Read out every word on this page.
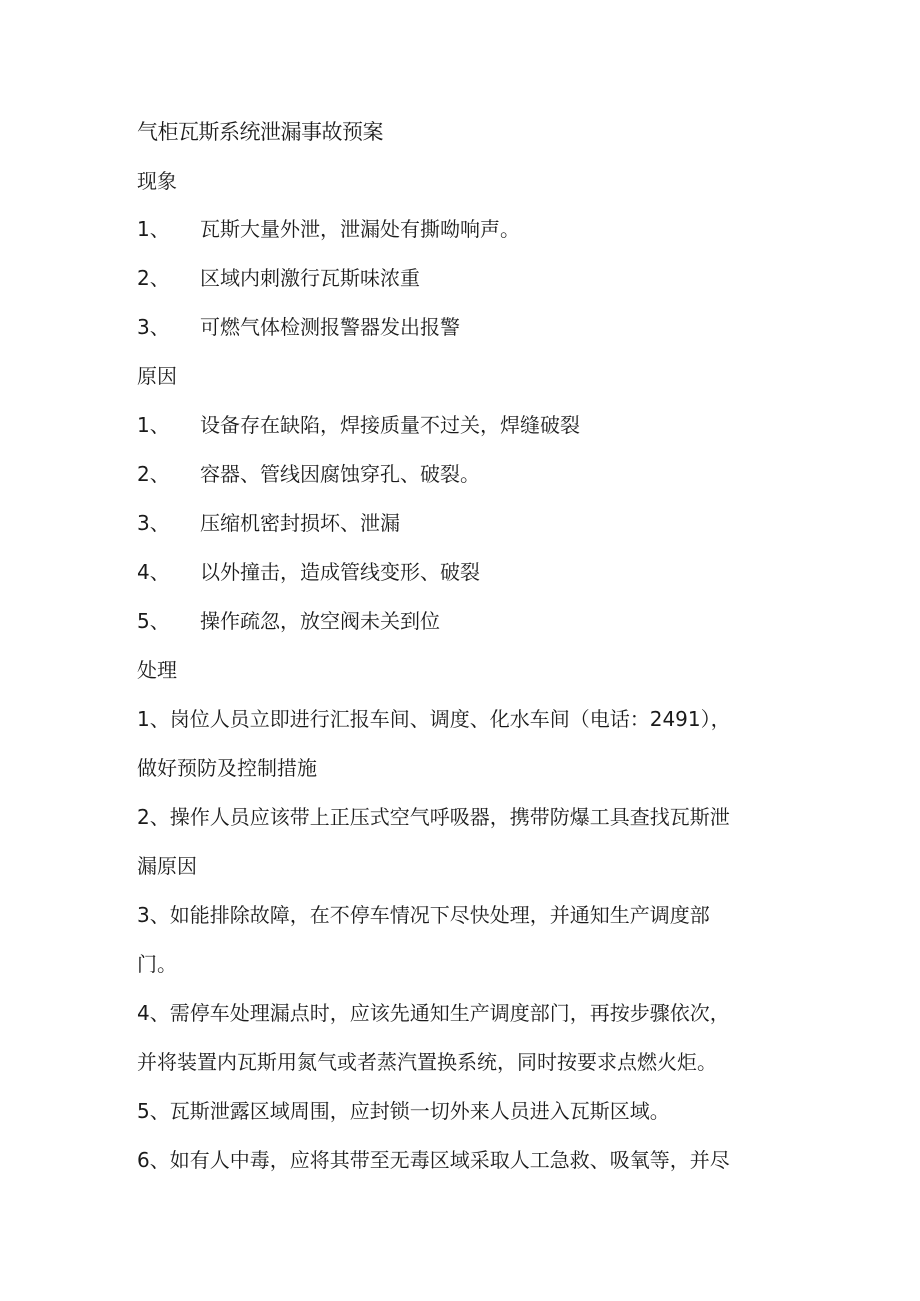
气柜瓦斯系统泄漏事故预案
现象
1、 瓦斯大量外泄，泄漏处有撕呦响声。
2、 区域内刺激行瓦斯味浓重
3、 可燃气体检测报警器发出报警
原因
1、 设备存在缺陷，焊接质量不过关，焊缝破裂
2、 容器、管线因腐蚀穿孔、破裂。
3、 压缩机密封损坏、泄漏
4、 以外撞击，造成管线变形、破裂
5、 操作疏忽，放空阀未关到位
处理
1、岗位人员立即进行汇报车间、调度、化水车间（电话：2491），
做好预防及控制措施
2、操作人员应该带上正压式空气呼吸器，携带防爆工具查找瓦斯泄
漏原因
3、如能排除故障，在不停车情况下尽快处理，并通知生产调度部
门。
4、需停车处理漏点时，应该先通知生产调度部门，再按步骤依次，
并将装置内瓦斯用氮气或者蒸汽置换系统，同时按要求点燃火炬。
5、瓦斯泄露区域周围，应封锁一切外来人员进入瓦斯区域。
6、如有人中毒，应将其带至无毒区域采取人工急救、吸氧等，并尽
